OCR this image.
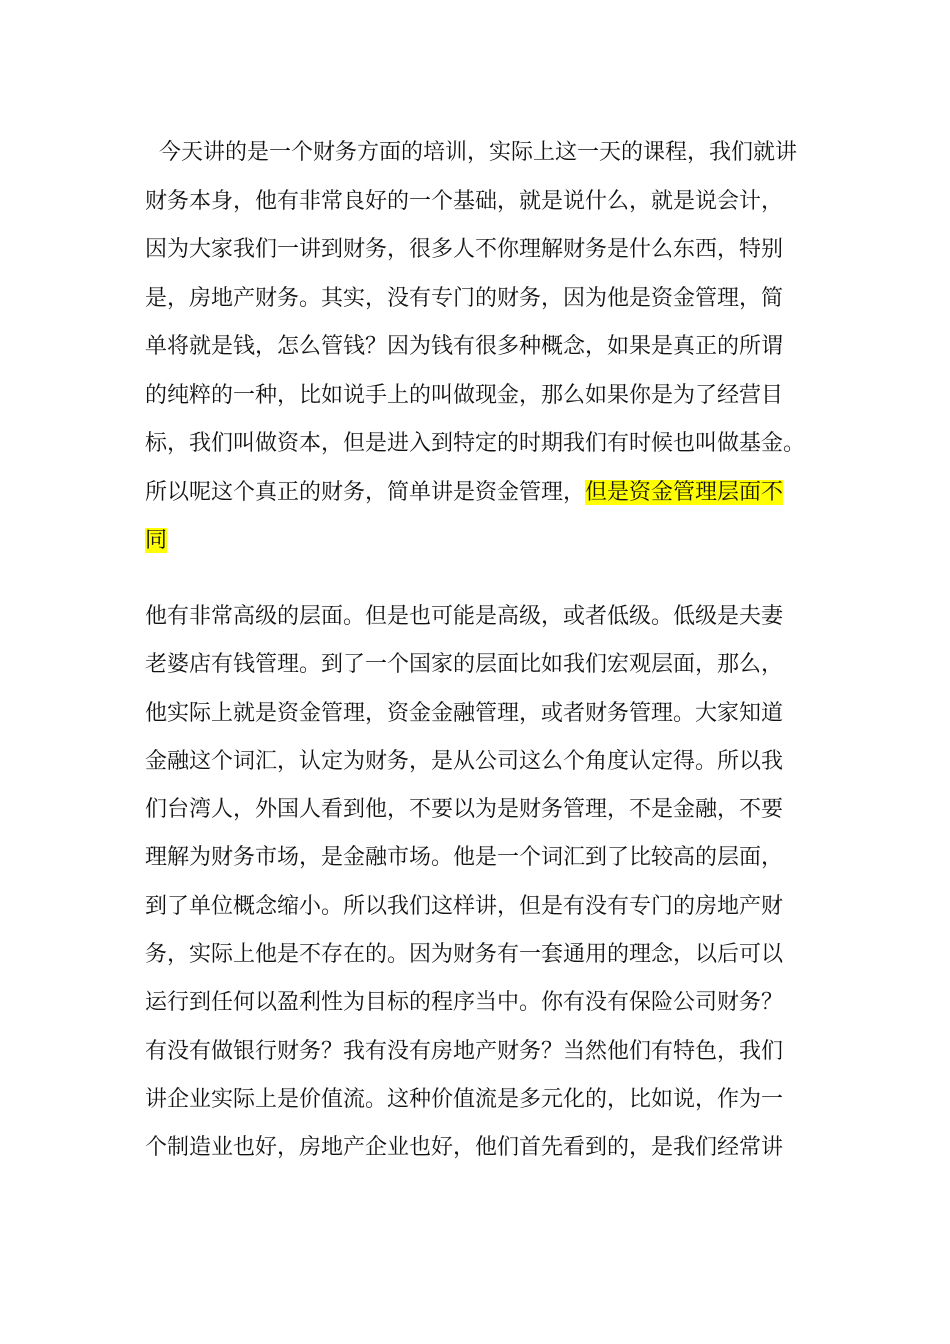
今天讲的是一个财务方面的培训，实际上这一天的课程，我们就讲
财务本身，他有非常良好的一个基础，就是说什么，就是说会计，
因为大家我们一讲到财务，很多人不你理解财务是什么东西，特别
是，房地产财务。其实，没有专门的财务，因为他是资金管理，简
单将就是钱，怎么管钱？因为钱有很多种概念，如果是真正的所谓
的纯粹的一种，比如说手上的叫做现金，那么如果你是为了经营目
标，我们叫做资本，但是进入到特定的时期我们有时候也叫做基金。
所以呢这个真正的财务，简单讲是资金管理，但是资金管理层面不
同
他有非常高级的层面。但是也可能是高级，或者低级。低级是夫妻
老婆店有钱管理。到了一个国家的层面比如我们宏观层面，那么，
他实际上就是资金管理，资金金融管理，或者财务管理。大家知道
金融这个词汇，认定为财务，是从公司这么个角度认定得。所以我
们台湾人，外国人看到他，不要以为是财务管理，不是金融，不要
理解为财务市场，是金融市场。他是一个词汇到了比较高的层面，
到了单位概念缩小。所以我们这样讲，但是有没有专门的房地产财
务，实际上他是不存在的。因为财务有一套通用的理念，以后可以
运行到任何以盈利性为目标的程序当中。你有没有保险公司财务？
有没有做银行财务？我有没有房地产财务？当然他们有特色，我们
讲企业实际上是价值流。这种价值流是多元化的，比如说，作为一
个制造业也好，房地产企业也好，他们首先看到的，是我们经常讲
